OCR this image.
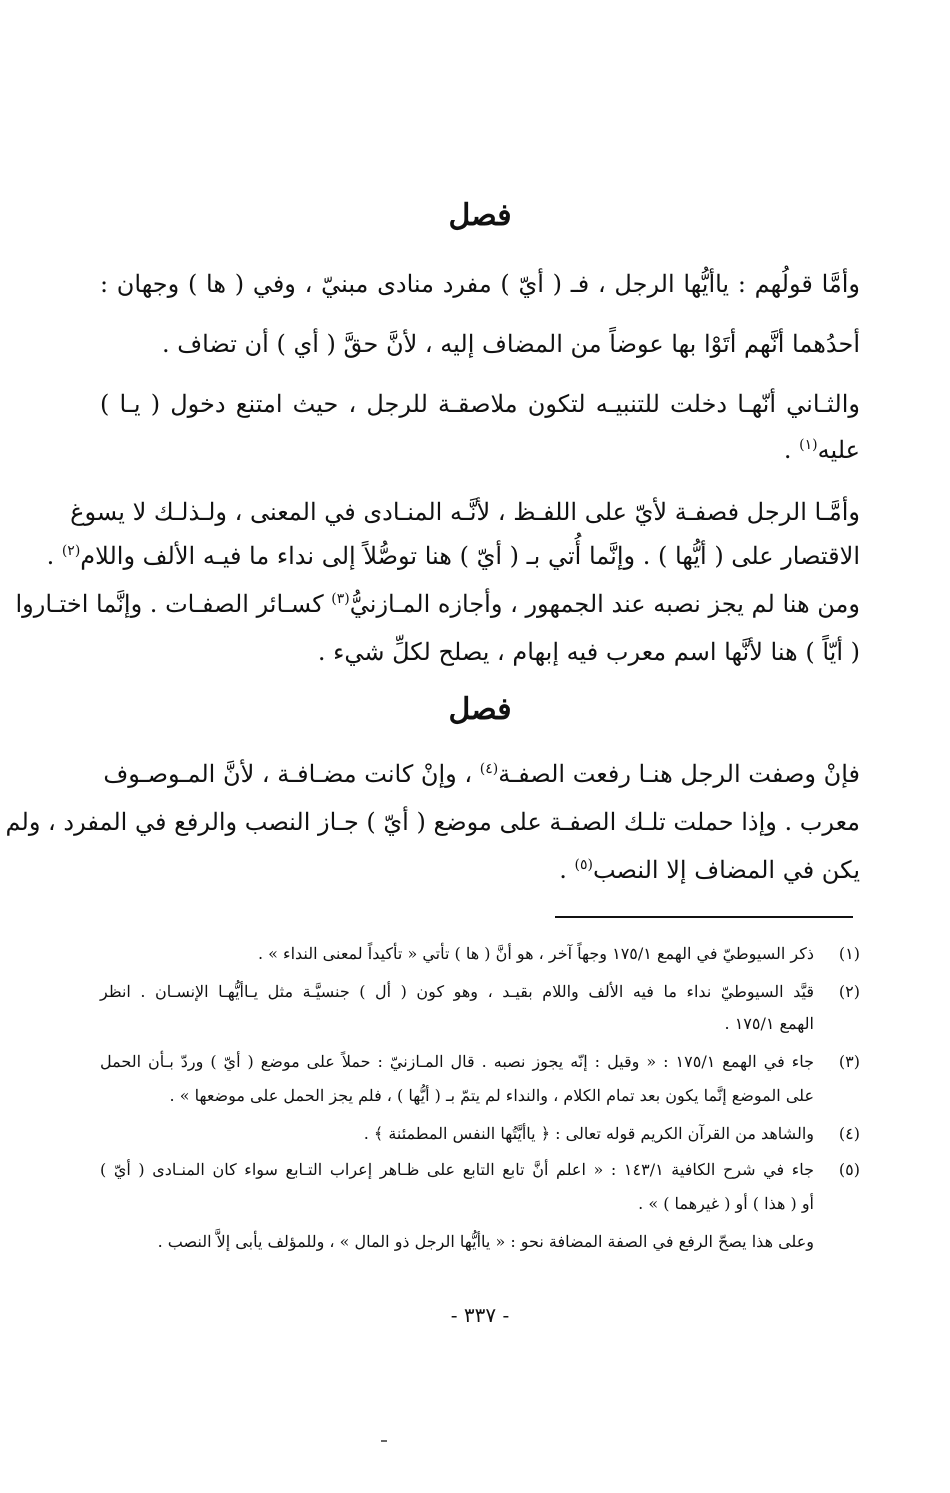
فصل
وأمَّا قولُهم : ياأيُّها الرجل ، فـ ( أيّ ) مفرد منادى مبنيّ ، وفي ( ها ) وجهان :
أحدُهما أنَّهم أتَوْا بها عوضاً من المضاف إليه ، لأنَّ حقَّ ( أي ) أن تضاف .
والثـاني أنّهـا دخلت للتنبيـه لتكون ملاصقـة للرجل ، حيث امتنع دخول ( يـا )
عليه$^{(١)}$ .
وأمَّـا الرجل فصفـة لأيّ على اللفـظ ، لأنَّـه المنـادى في المعنى ، ولـذلـك لا يسوغ
الاقتصار على ( أيُّها ) . وإنَّما أُتي بـ ( أيّ ) هنا توصُّلاً إلى نداء ما فيـه الألف واللام$^{(٢)}$ .
ومن هنا لم يجز نصبه عند الجمهور ، وأجازه المـازنيُّ$^{(٣)}$ كسـائر الصفـات . وإنَّما اختـاروا
( أيّاً ) هنا لأنَّها اسم معرب فيه إبهام ، يصلح لكلِّ شيء .
فصل
فإنْ وصفت الرجل هنـا رفعت الصفـة$^{(٤)}$ ، وإنْ كانت مضـافـة ، لأنَّ المـوصـوف
معرب . وإذا حملت تلـك الصفـة على موضع ( أيّ ) جـاز النصب والرفع في المفرد ، ولم
يكن في المضاف إلا النصب$^{(٥)}$ .
(١)
ذكر السيوطيّ في الهمع ١٧٥/١ وجهاً آخر ، هو أنَّ ( ها ) تأتي « تأكيداً لمعنى النداء » .
(٢)
قيَّد السيوطيّ نداء ما فيه الألف واللام بقيـد ، وهو كون ( أل ) جنسيَّـة مثل يـاأيُّهـا الإنسـان . انظر
الهمع ١٧٥/١ .
(٣)
جاء في الهمع ١٧٥/١ : « وقيل : إنّه يجوز نصبه . قال المـازنيّ : حملاً على موضع ( أيّ ) وردّ بـأن الحمل
على الموضع إنَّما يكون بعد تمام الكلام ، والنداء لم يتمّ بـ ( أيُّها ) ، فلم يجز الحمل على موضعها » .
(٤)
والشاهد من القرآن الكريم قوله تعالى : ﴿ ياأيَّتُها النفس المطمئنة ﴾ .
(٥)
جاء في شرح الكافية ١٤٣/١ : « اعلم أنَّ تابع التابع على ظـاهر إعراب التـابع سواء كان المنـادى ( أيّ )
أو ( هذا ) أو ( غيرهما ) » .
وعلى هذا يصحّ الرفع في الصفة المضافة نحو : « ياأيُّها الرجل ذو المال » ، وللمؤلف يأبى إلاَّ النصب .
- ٣٣٧ -
